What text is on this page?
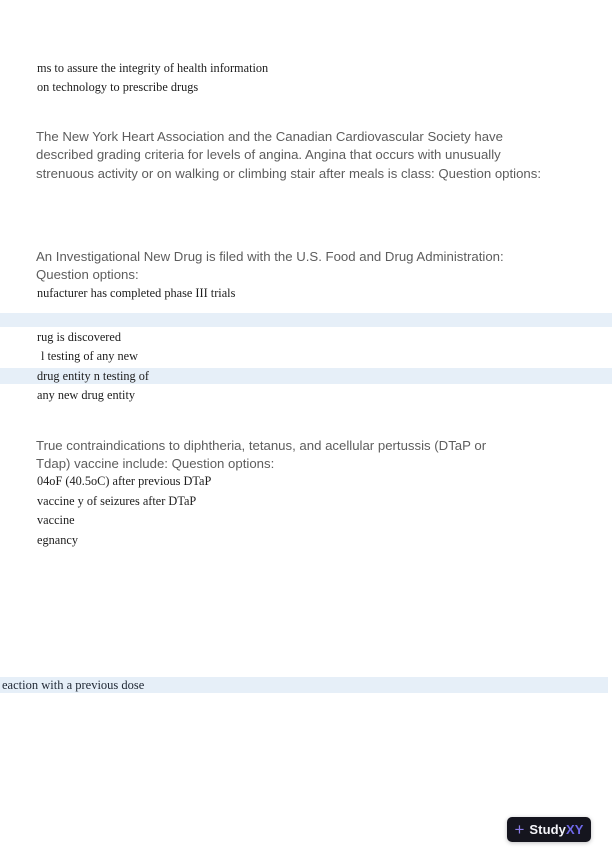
ms to assure the integrity of health information
on technology to prescribe drugs
The New York Heart Association and the Canadian Cardiovascular Society have
described grading criteria for levels of angina. Angina that occurs with unusually
strenuous activity or on walking or climbing stair after meals is class: Question options:
An Investigational New Drug is filed with the U.S. Food and Drug Administration:
Question options:
nufacturer has completed phase III trials
rug is discovered
l testing of any new
drug entity n testing of
any new drug entity
True contraindications to diphtheria, tetanus, and acellular pertussis (DTaP or
Tdap) vaccine include: Question options:
04oF (40.5oC) after previous DTaP
vaccine y of seizures after DTaP
vaccine
egnancy
eaction with a previous dose
+ StudyXY
